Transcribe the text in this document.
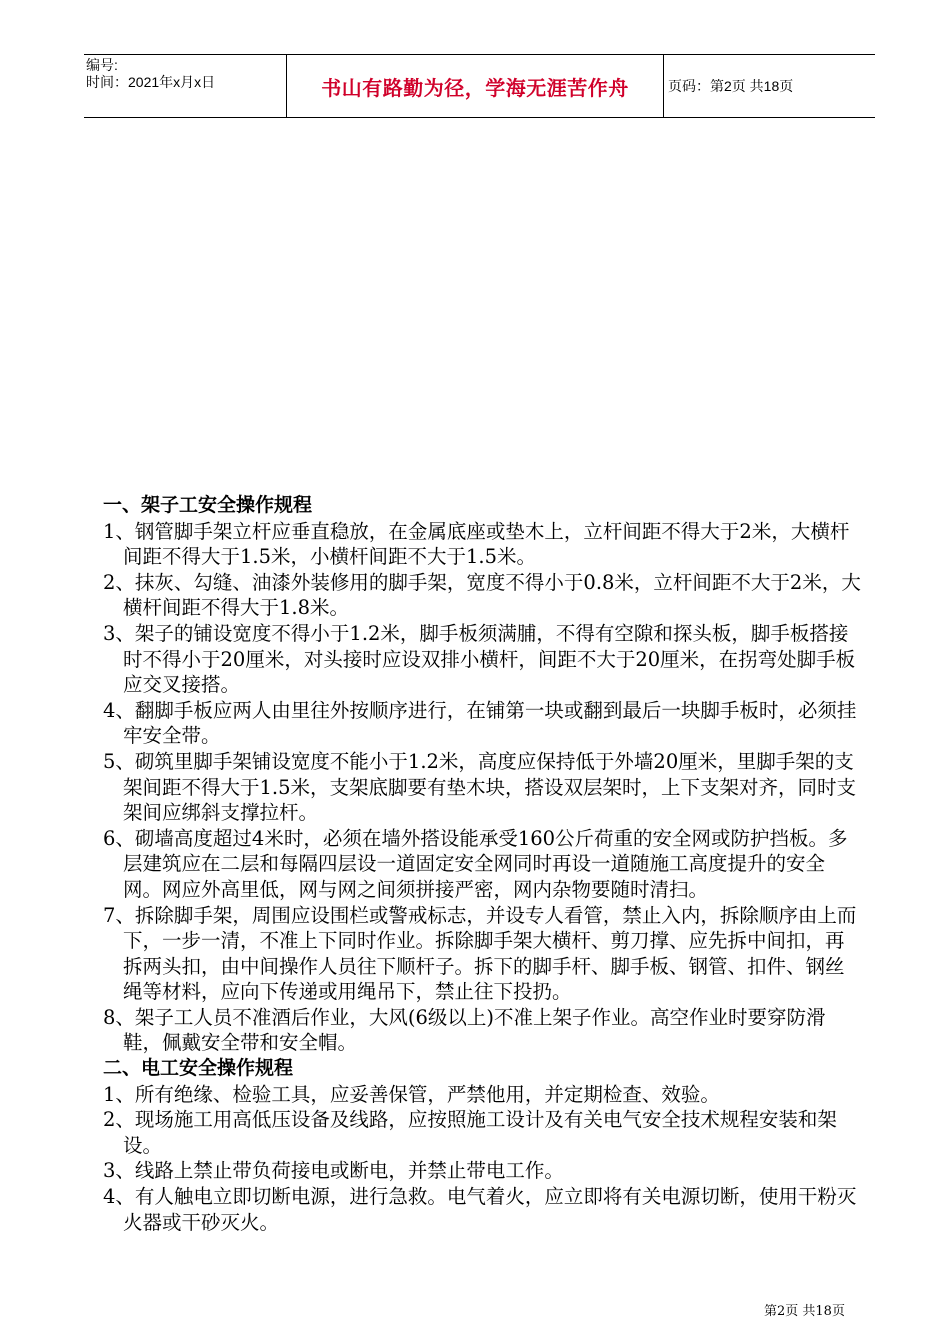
编号:
时间：2021年x月x日	书山有路勤为径，学海无涯苦作舟	页码：第2页 共18页

一、架子工安全操作规程

1、钢管脚手架立杆应垂直稳放，在金属底座或垫木上，立杆间距不得大于2米，大横杆间距不得大于1.5米，小横杆间距不大于1.5米。

2、抹灰、勾缝、油漆外装修用的脚手架，宽度不得小于0.8米，立杆间距不大于2米，大横杆间距不得大于1.8米。

3、架子的铺设宽度不得小于1.2米，脚手板须满脯，不得有空隙和探头板，脚手板搭接时不得小于20厘米，对头接时应设双排小横杆，间距不大于20厘米，在拐弯处脚手板应交叉接搭。

4、翻脚手板应两人由里往外按顺序进行，在铺第一块或翻到最后一块脚手板时，必须挂牢安全带。

5、砌筑里脚手架铺设宽度不能小于1.2米，高度应保持低于外墙20厘米，里脚手架的支架间距不得大于1.5米，支架底脚要有垫木块，搭设双层架时，上下支架对齐，同时支架间应绑斜支撑拉杆。

6、砌墙高度超过4米时，必须在墙外搭设能承受160公斤荷重的安全网或防护挡板。多层建筑应在二层和每隔四层设一道固定安全网同时再设一道随施工高度提升的安全网。网应外高里低，网与网之间须拼接严密，网内杂物要随时清扫。

7、拆除脚手架，周围应设围栏或警戒标志，并设专人看管，禁止入内，拆除顺序由上而下，一步一清，不准上下同时作业。拆除脚手架大横杆、剪刀撑、应先拆中间扣，再拆两头扣，由中间操作人员往下顺杆子。拆下的脚手杆、脚手板、钢管、扣件、钢丝绳等材料，应向下传递或用绳吊下，禁止往下投扔。

8、架子工人员不准酒后作业，大风(6级以上)不准上架子作业。高空作业时要穿防滑鞋，佩戴安全带和安全帽。

二、电工安全操作规程

1、所有绝缘、检验工具，应妥善保管，严禁他用，并定期检查、效验。

2、现场施工用高低压设备及线路，应按照施工设计及有关电气安全技术规程安装和架设。

3、线路上禁止带负荷接电或断电，并禁止带电工作。

4、有人触电立即切断电源，进行急救。电气着火，应立即将有关电源切断，使用干粉灭火器或干砂灭火。

第2页 共18页
